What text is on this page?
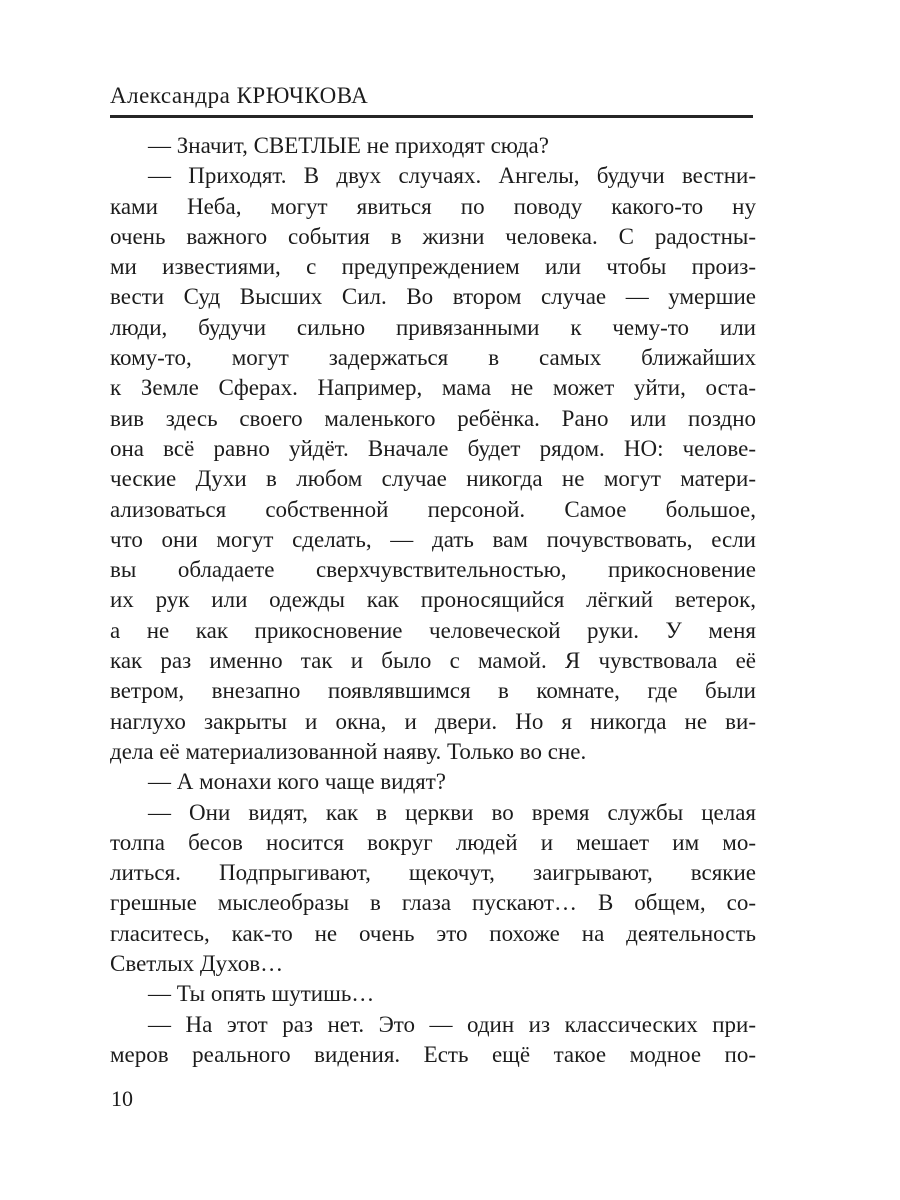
Александра КРЮЧКОВА
— Значит, СВЕТЛЫЕ не приходят сюда?
— Приходят. В двух случаях. Ангелы, будучи вестни-
ками Неба, могут явиться по поводу какого-то ну
очень важного события в жизни человека. С радостны-
ми известиями, с предупреждением или чтобы произ-
вести Суд Высших Сил. Во втором случае — умершие
люди, будучи сильно привязанными к чему-то или
кому-то, могут задержаться в самых ближайших
к Земле Сферах. Например, мама не может уйти, оста-
вив здесь своего маленького ребёнка. Рано или поздно
она всё равно уйдёт. Вначале будет рядом. НО: челове-
ческие Духи в любом случае никогда не могут матери-
ализоваться собственной персоной. Самое большое,
что они могут сделать, — дать вам почувствовать, если
вы обладаете сверхчувствительностью, прикосновение
их рук или одежды как проносящийся лёгкий ветерок,
а не как прикосновение человеческой руки. У меня
как раз именно так и было с мамой. Я чувствовала её
ветром, внезапно появлявшимся в комнате, где были
наглухо закрыты и окна, и двери. Но я никогда не ви-
дела её материализованной наяву. Только во сне.
— А монахи кого чаще видят?
— Они видят, как в церкви во время службы целая
толпа бесов носится вокруг людей и мешает им мо-
литься. Подпрыгивают, щекочут, заигрывают, всякие
грешные мыслеобразы в глаза пускают… В общем, со-
гласитесь, как-то не очень это похоже на деятельность
Светлых Духов…
— Ты опять шутишь…
— На этот раз нет. Это — один из классических при-
меров реального видения. Есть ещё такое модное по-
10
